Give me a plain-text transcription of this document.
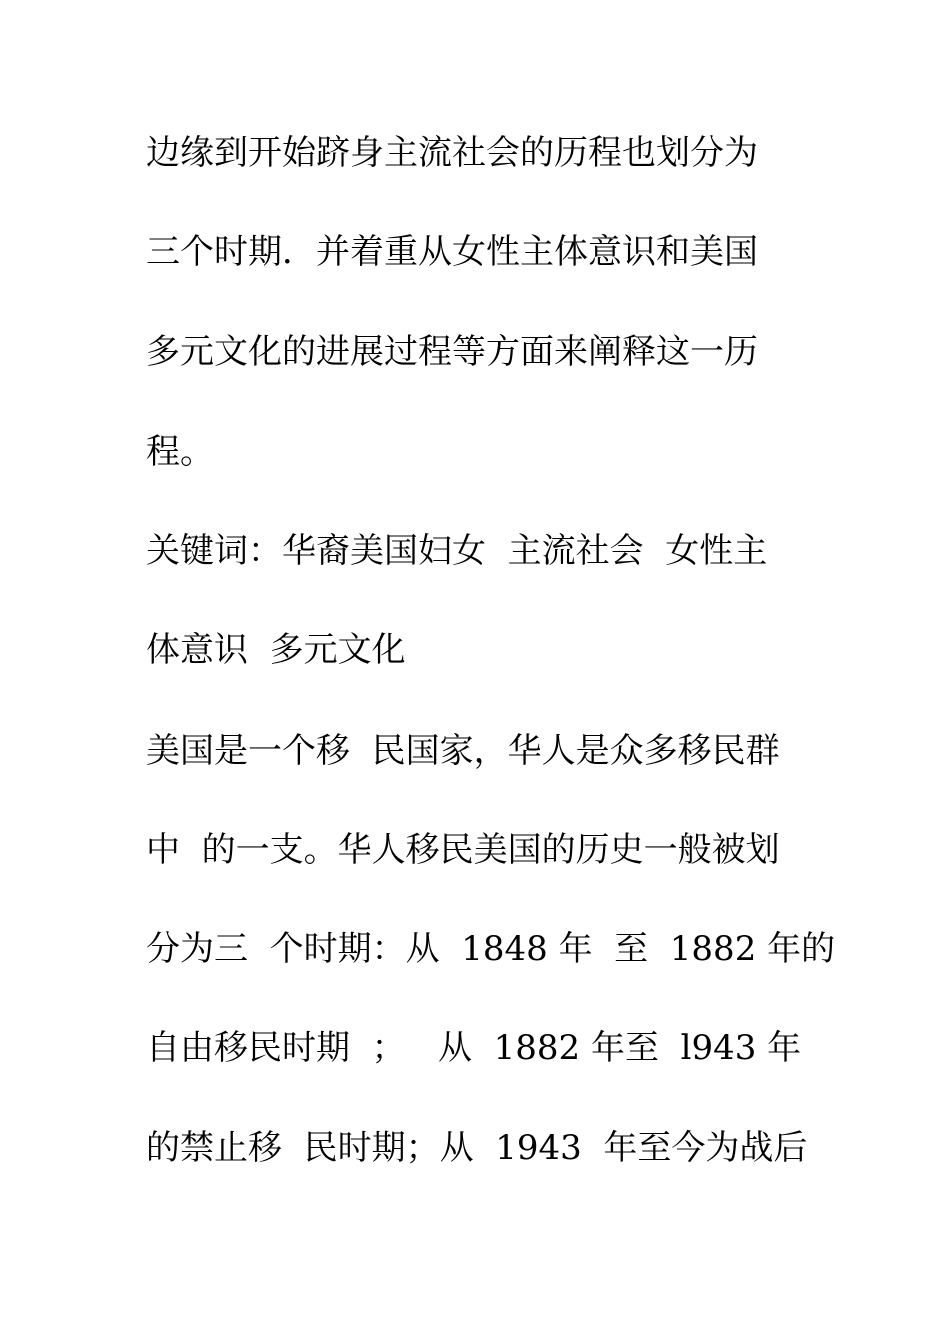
边缘到开始跻身主流社会的历程也划分为
三个时期．并着重从女性主体意识和美国
多元文化的进展过程等方面来阐释这一历
程。
关键词：华裔美国妇女  主流社会  女性主
体意识  多元文化
美国是一个移  民国家，华人是众多移民群
中  的一支。华人移民美国的历史一般被划
分为三  个时期：从  1848 年  至  1882 年的
自由移民时期  ；   从  1882 年至  l943 年
的禁止移  民时期；从  1943  年至今为战后
